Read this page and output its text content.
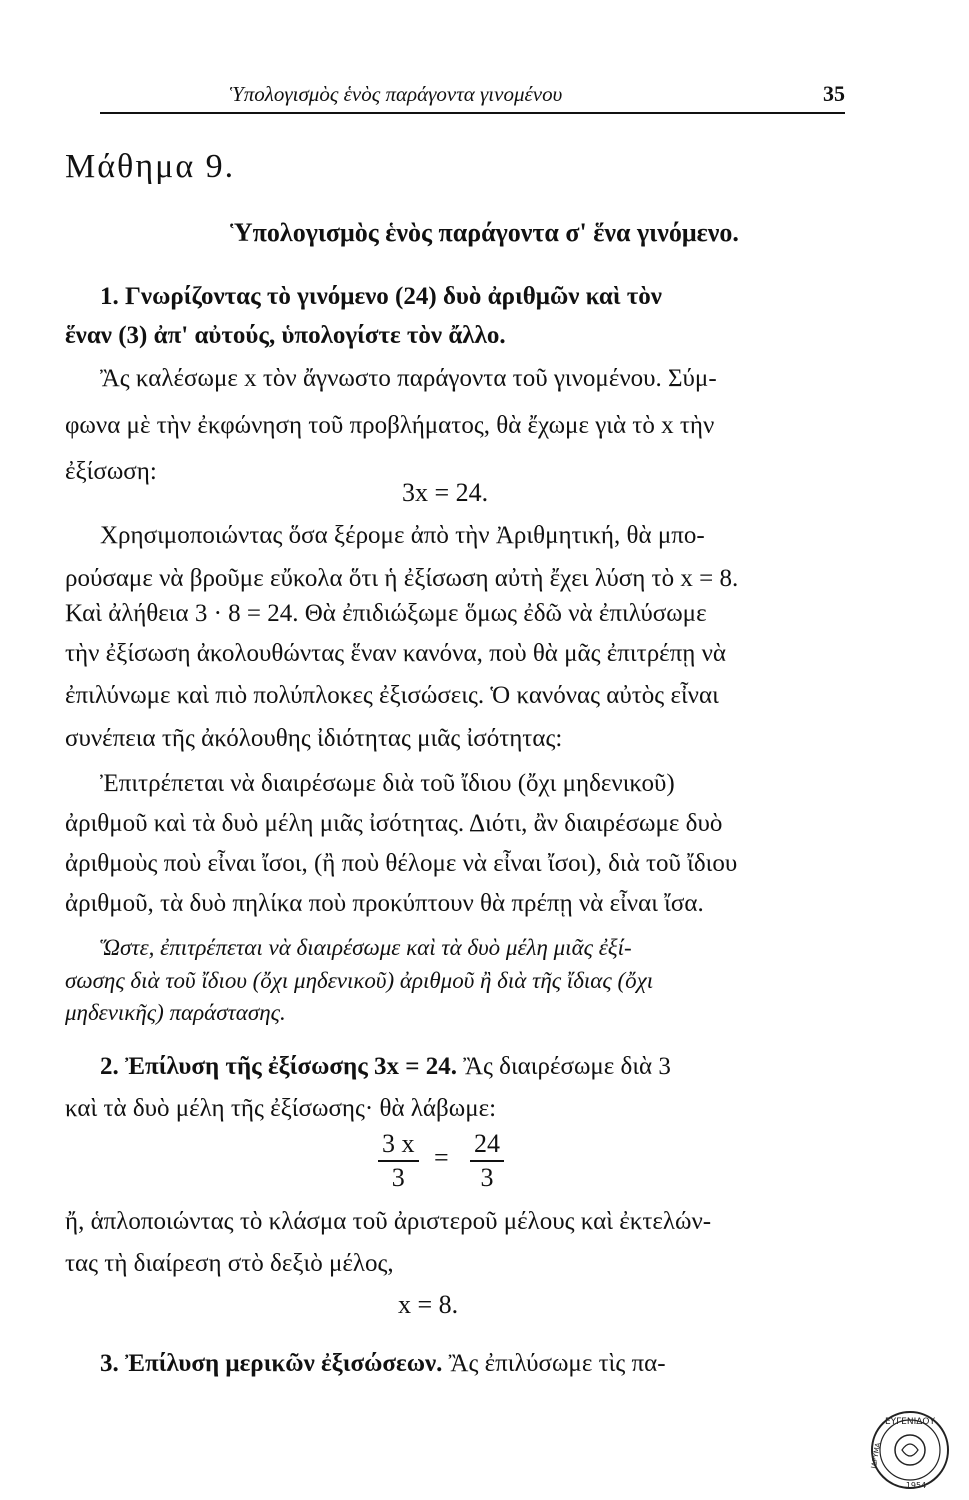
Ὑπολογισμὸς ἑνὸς παράγοντα γινομένου	35
Μάθημα 9.
Ὑπολογισμὸς ἑνὸς παράγοντα σ' ἕνα γινόμενο.
1. Γνωρίζοντας τὸ γινόμενο (24) δυὸ ἀριθμῶν καὶ τὸν
ἕναν (3) ἀπ' αὐτούς, ὑπολογίστε τὸν ἄλλο.
Ἂς καλέσωμε x τὸν ἄγνωστο παράγοντα τοῦ γινομένου. Σύμ-
φωνα μὲ τὴν ἐκφώνηση τοῦ προβλήματος, θὰ ἔχωμε γιὰ τὸ x τὴν
ἐξίσωση:
3x = 24.
Χρησιμοποιώντας ὅσα ξέρομε ἀπὸ τὴν Ἀριθμητική, θὰ μπο-
ρούσαμε νὰ βροῦμε εὔκολα ὅτι ἡ ἐξίσωση αὐτὴ ἔχει λύση τὸ x = 8.
Καὶ ἀλήθεια 3 · 8 = 24. Θὰ ἐπιδιώξωμε ὅμως ἐδῶ νὰ ἐπιλύσωμε
τὴν ἐξίσωση ἀκολουθώντας ἕναν κανόνα, ποὺ θὰ μᾶς ἐπιτρέπῃ νὰ
ἐπιλύνωμε καὶ πιὸ πολύπλοκες ἐξισώσεις. Ὁ κανόνας αὐτὸς εἶναι
συνέπεια τῆς ἀκόλουθης ἰδιότητας μιᾶς ἰσότητας:
Ἐπιτρέπεται νὰ διαιρέσωμε διὰ τοῦ ἴδιου (ὄχι μηδενικοῦ)
ἀριθμοῦ καὶ τὰ δυὸ μέλη μιᾶς ἰσότητας. Διότι, ἂν διαιρέσωμε δυὸ
ἀριθμοὺς ποὺ εἶναι ἴσοι, (ἢ ποὺ θέλομε νὰ εἶναι ἴσοι), διὰ τοῦ ἴδιου
ἀριθμοῦ, τὰ δυὸ πηλίκα ποὺ προκύπτουν θὰ πρέπῃ νὰ εἶναι ἴσα.
Ὥστε, ἐπιτρέπεται νὰ διαιρέσωμε καὶ τὰ δυὸ μέλη μιᾶς ἐξί-
σωσης διὰ τοῦ ἴδιου (ὄχι μηδενικοῦ) ἀριθμοῦ ἢ διὰ τῆς ἴδιας (ὄχι
μηδενικῆς) παράστασης.
2. Ἐπίλυση τῆς ἐξίσωσης 3x = 24. Ἂς διαιρέσωμε διὰ 3
καὶ τὰ δυὸ μέλη τῆς ἐξίσωσης· θὰ λάβωμε:
$\frac{3 x}{3} = \frac{24}{3}$
ἤ, ἁπλοποιώντας τὸ κλάσμα τοῦ ἀριστεροῦ μέλους καὶ ἐκτελών-
τας τὴ διαίρεση στὸ δεξιὸ μέλος,
x = 8.
3. Ἐπίλυση μερικῶν ἐξισώσεων. Ἂς ἐπιλύσωμε τὶς πα-
ΕΥΓΕΝΙΔΟΥ
ΙΔΡΥΜΑ
1954
